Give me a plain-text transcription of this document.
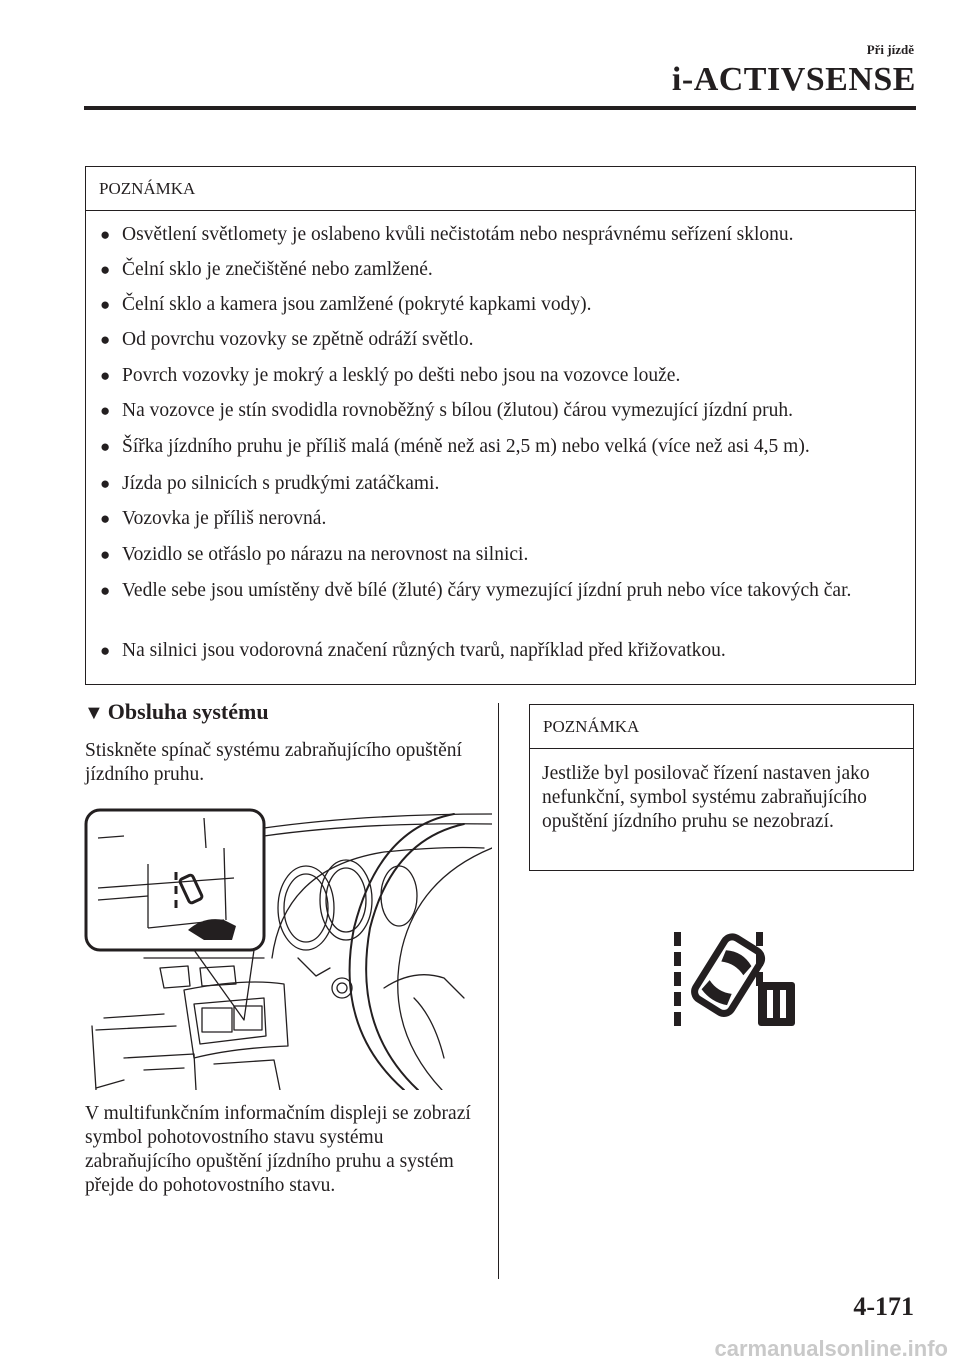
Při jízdě
i-ACTIVSENSE
POZNÁMKA
● Osvětlení světlomety je oslabeno kvůli nečistotám nebo nesprávnému seřízení sklonu.
● Čelní sklo je znečištěné nebo zamlžené.
● Čelní sklo a kamera jsou zamlžené (pokryté kapkami vody).
● Od povrchu vozovky se zpětně odráží světlo.
● Povrch vozovky je mokrý a lesklý po dešti nebo jsou na vozovce louže.
● Na vozovce je stín svodidla rovnoběžný s bílou (žlutou) čárou vymezující jízdní pruh.
● Šířka jízdního pruhu je příliš malá (méně než asi 2,5 m) nebo velká (více než asi 4,5 m).
● Jízda po silnicích s prudkými zatáčkami.
● Vozovka je příliš nerovná.
● Vozidlo se otřáslo po nárazu na nerovnost na silnici.
● Vedle sebe jsou umístěny dvě bílé (žluté) čáry vymezující jízdní pruh nebo více takových čar.
● Na silnici jsou vodorovná značení různých tvarů, například před křižovatkou.
▼ Obsluha systému
Stiskněte spínač systému zabraňujícího opuštění jízdního pruhu.
V multifunkčním informačním displeji se zobrazí symbol pohotovostního stavu systému zabraňujícího opuštění jízdního pruhu a systém přejde do pohotovostního stavu.
POZNÁMKA
Jestliže byl posilovač řízení nastaven jako nefunkční, symbol systému zabraňujícího opuštění jízdního pruhu se nezobrazí.
4-171
carmanualsonline.info
